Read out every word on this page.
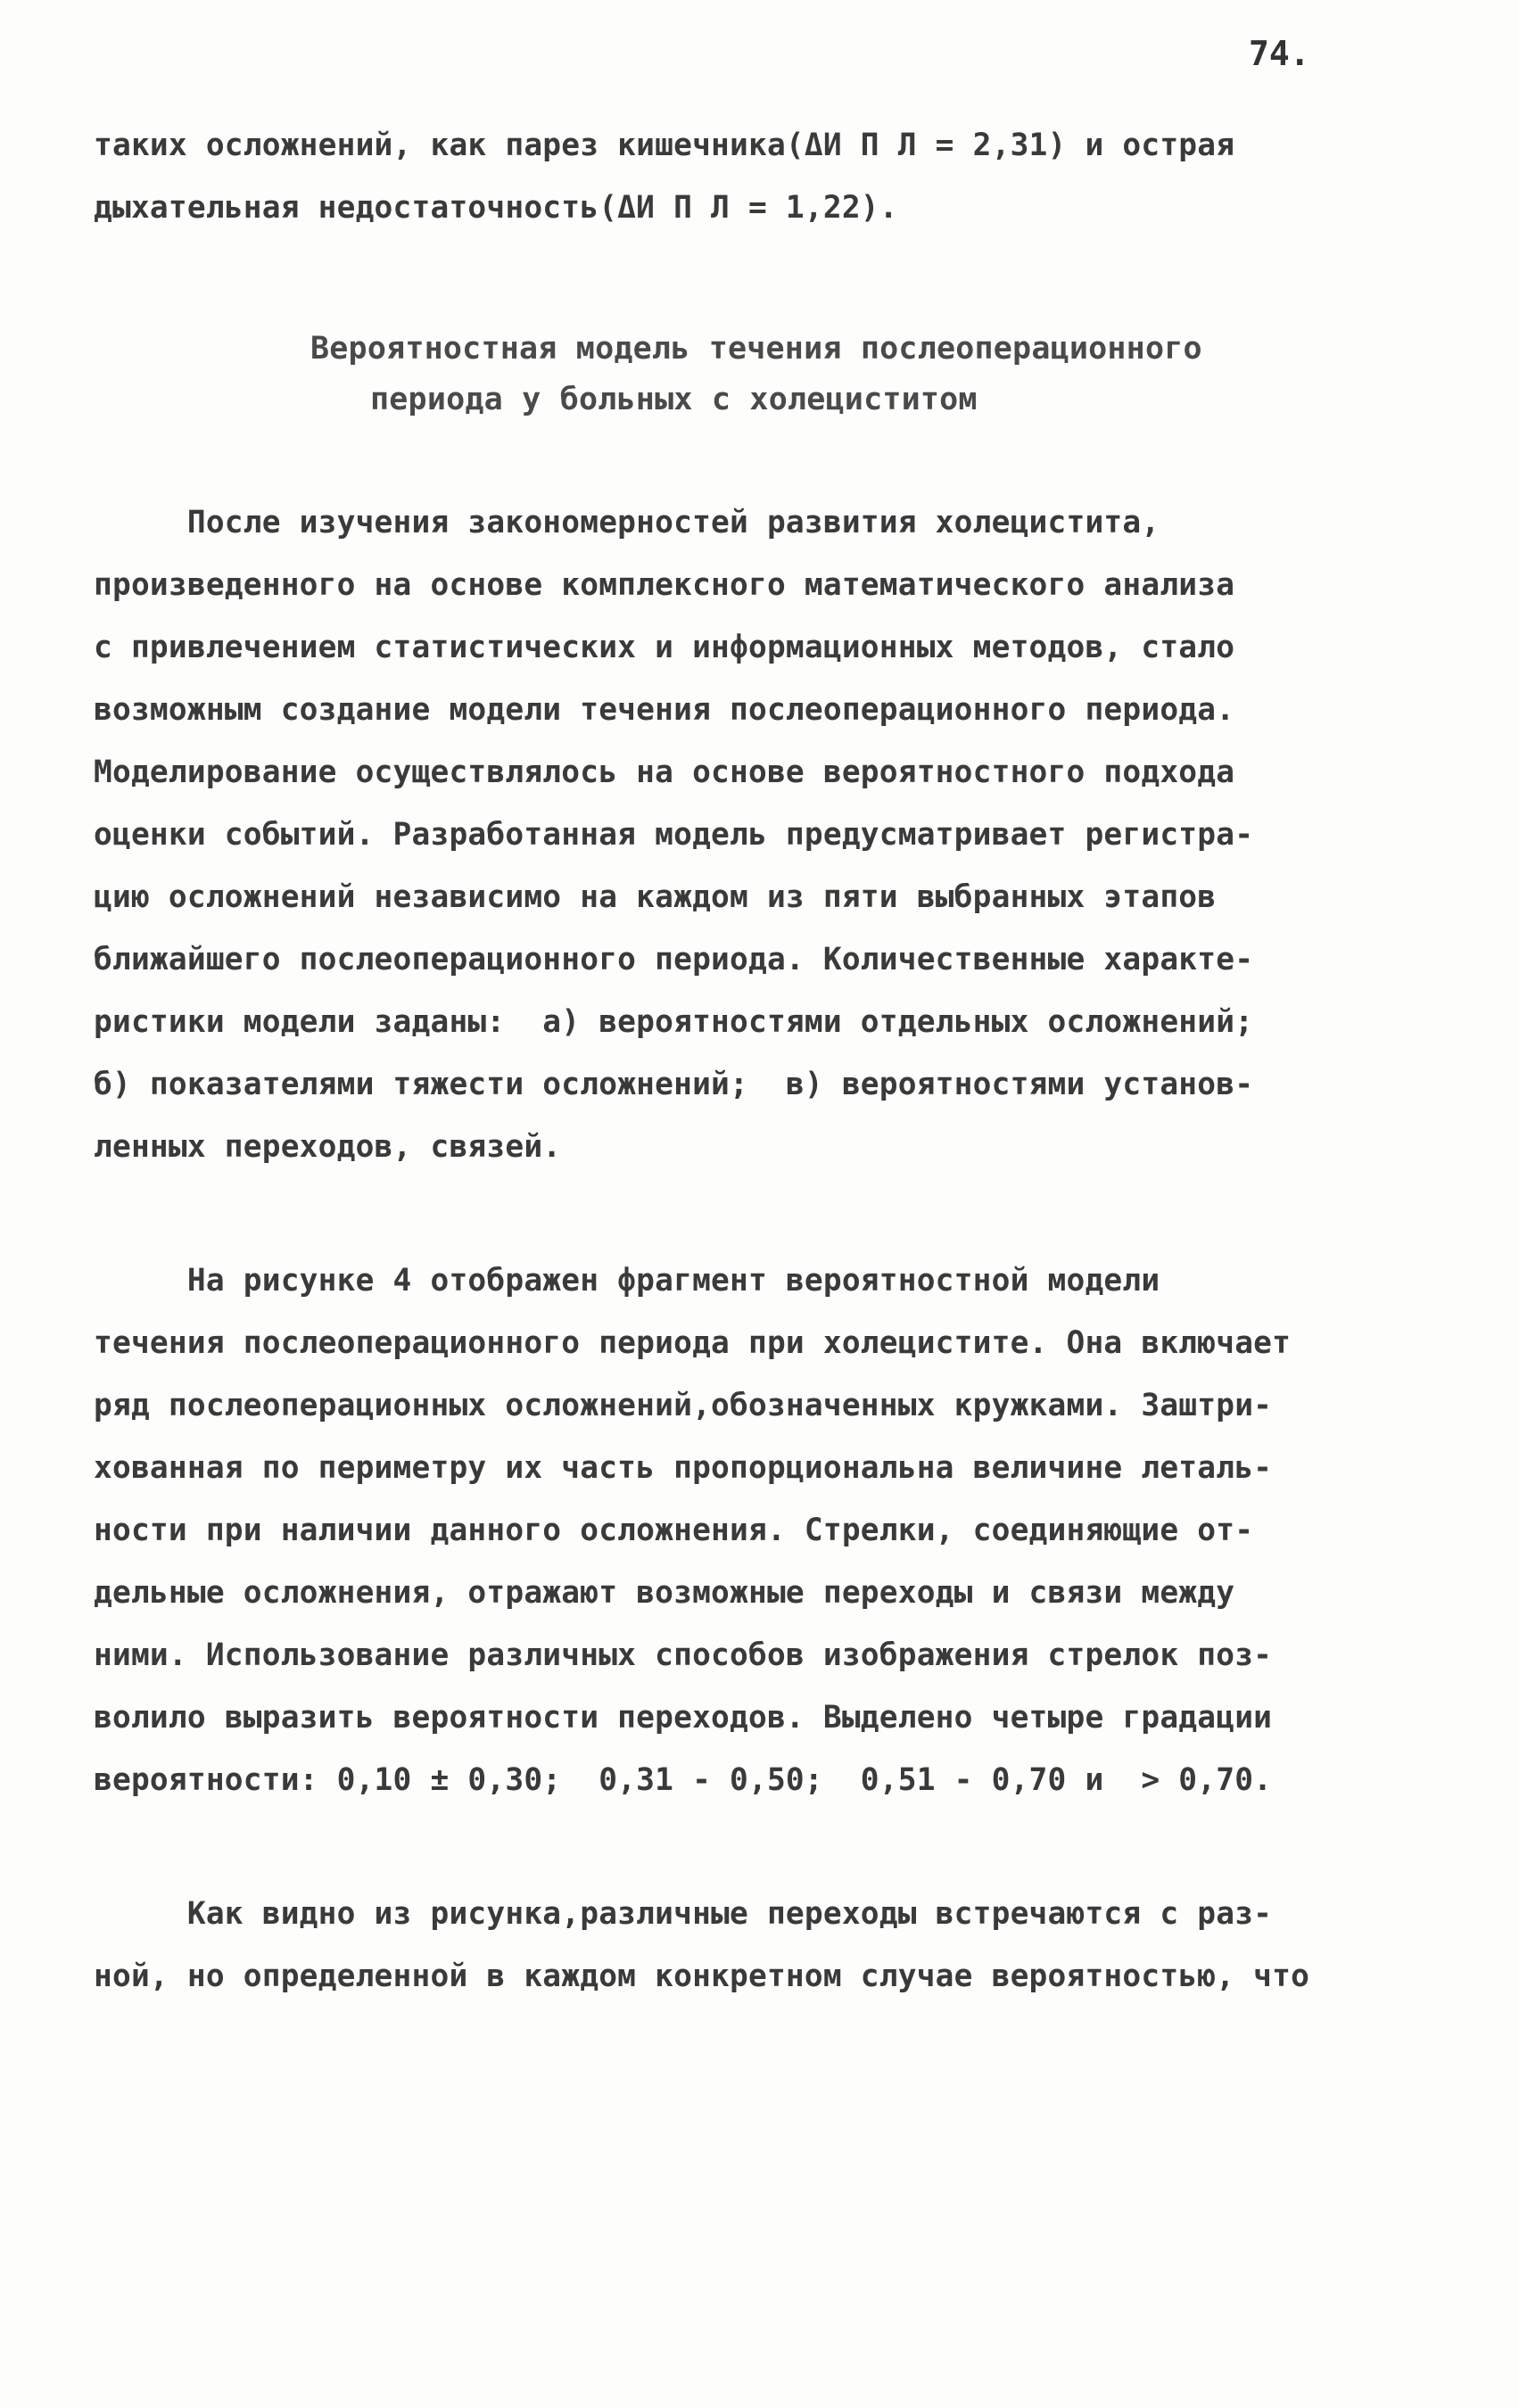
74.
таких осложнений, как парез кишечника(ΔИ П Л = 2,31) и острая
дыхательная недостаточность(ΔИ П Л = 1,22).
Вероятностная модель течения послеоперационного
периода у больных с холециститом
После изучения закономерностей развития холецистита,
произведенного на основе комплексного математического анализа
с привлечением статистических и информационных методов, стало
возможным создание модели течения послеоперационного периода.
Моделирование осуществлялось на основе вероятностного подхода
оценки событий. Разработанная модель предусматривает регистра-
цию осложнений независимо на каждом из пяти выбранных этапов
ближайшего послеоперационного периода. Количественные характе-
ристики модели заданы:  а) вероятностями отдельных осложнений;
б) показателями тяжести осложнений;  в) вероятностями установ-
ленных переходов, связей.
На рисунке 4 отображен фрагмент вероятностной модели
течения послеоперационного периода при холецистите. Она включает
ряд послеоперационных осложнений,обозначенных кружками. Заштри-
хованная по периметру их часть пропорциональна величине леталь-
ности при наличии данного осложнения. Стрелки, соединяющие от-
дельные осложнения, отражают возможные переходы и связи между
ними. Использование различных способов изображения стрелок поз-
волило выразить вероятности переходов. Выделено четыре градации
вероятности: 0,10 ± 0,30;  0,31 - 0,50;  0,51 - 0,70 и  > 0,70.
Как видно из рисунка,различные переходы встречаются с раз-
ной, но определенной в каждом конкретном случае вероятностью, что
